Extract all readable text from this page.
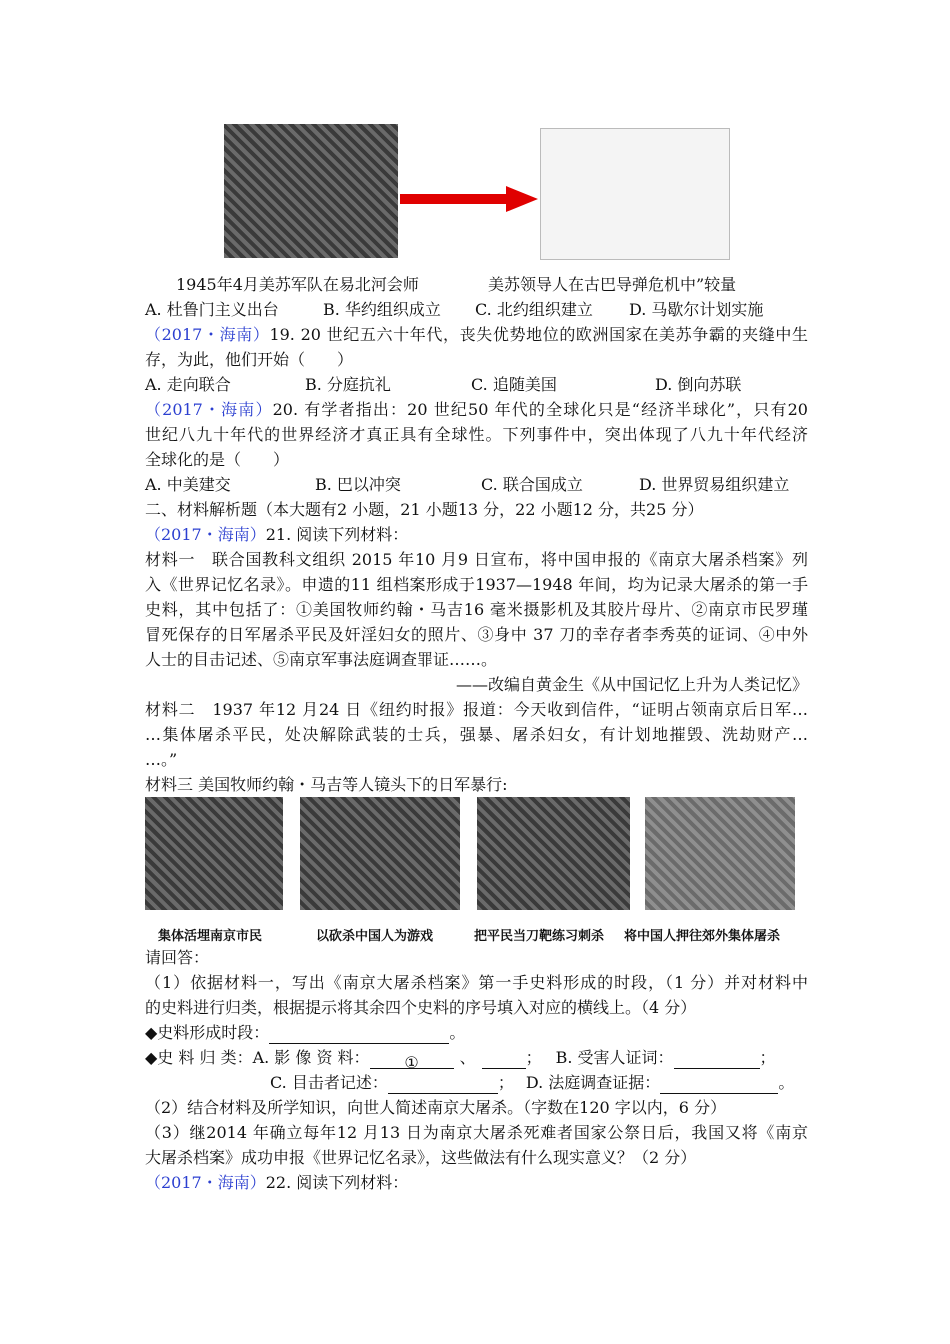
1945年4月美苏军队在易北河会师	美苏领导人在古巴导弹危机中”较量
A. 杜鲁门主义出台	B. 华约组织成立 C. 北约组织建立 D. 马歇尔计划实施
（2017・海南）19. 20 世纪五六十年代，丧失优势地位的欧洲国家在美苏争霸的夹缝中生
存，为此，他们开始（　　）
A. 走向联合	B. 分庭抗礼	C. 追随美国	D. 倒向苏联
（2017・海南）20. 有学者指出：20 世纪50 年代的全球化只是“经济半球化”，只有20
世纪八九十年代的世界经济才真正具有全球性。下列事件中，突出体现了八九十年代经济
全球化的是（　　）
A. 中美建交	B. 巴以冲突	C. 联合国成立	D. 世界贸易组织建立
二、材料解析题（本大题有2 小题，21 小题13 分，22 小题12 分，共25 分）
（2017・海南）21. 阅读下列材料：
材料一　联合国教科文组织 2015 年10 月9 日宣布，将中国申报的《南京大屠杀档案》列
入《世界记忆名录》。申遗的11 组档案形成于1937—1948 年间，均为记录大屠杀的第一手
史料，其中包括了：①美国牧师约翰・马吉16 毫米摄影机及其胶片母片、②南京市民罗瑾
冒死保存的日军屠杀平民及奸淫妇女的照片、③身中 37 刀的幸存者李秀英的证词、④中外
人士的目击记述、⑤南京军事法庭调查罪证……。
——改编自黄金生《从中国记忆上升为人类记忆》
材料二　1937 年12 月24 日《纽约时报》报道：今天收到信件，“证明占领南京后日军…
…集体屠杀平民，处决解除武装的士兵，强暴、屠杀妇女，有计划地摧毁、洗劫财产…
…。”
材料三 美国牧师约翰・马吉等人镜头下的日军暴行:
集体活埋南京市民	以砍杀中国人为游戏	把平民当刀靶练习刺杀 将中国人押往郊外集体屠杀
请回答：
（1）依据材料一，写出《南京大屠杀档案》第一手史料形成的时段，（1 分）并对材料中
的史料进行归类，根据提示将其余四个史料的序号填入对应的横线上。（4 分）
◆史料形成时段：	。
◆史 料 归 类：A. 影 像 资 料： ①	、	； B. 受害人证词：	；
C. 目击者记述：	； D. 法庭调查证据：	。
（2）结合材料及所学知识，向世人简述南京大屠杀。（字数在120 字以内，6 分）
（3）继2014 年确立每年12 月13 日为南京大屠杀死难者国家公祭日后，我国又将《南京
大屠杀档案》成功申报《世界记忆名录》，这些做法有什么现实意义？（2 分）
（2017・海南）22. 阅读下列材料：
